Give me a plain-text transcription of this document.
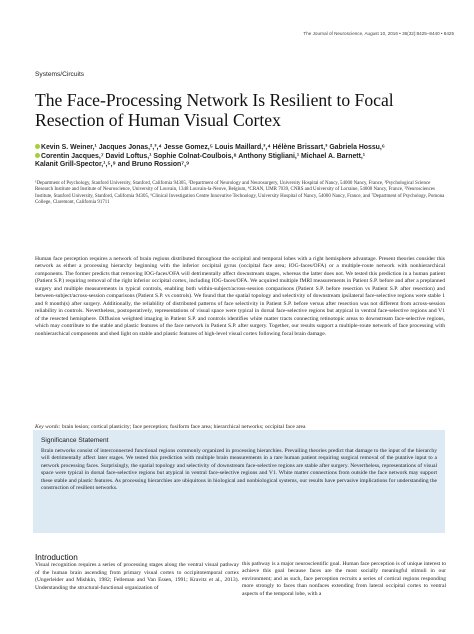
The Journal of Neuroscience, August 10, 2016 • 36(32):8425–8440 • 8425
Systems/Circuits
The Face-Processing Network Is Resilient to Focal Resection of Human Visual Cortex
Kevin S. Weiner,¹ Jacques Jonas,²,³,⁴ Jesse Gomez,⁵ Louis Maillard,³,⁴ Hélène Brissart,³ Gabriela Hossu,⁶
Corentin Jacques,⁷ David Loftus,¹ Sophie Colnat-Coulbois,⁸ Anthony Stigliani,¹ Michael A. Barnett,¹
Kalanit Grill-Spector,¹,⁵,⁹ and Bruno Rossion⁷,⁹
¹Department of Psychology, Stanford University, Stanford, California 94305, ²Department of Neurology and Neurosurgery, University Hospital of Nancy, 54000 Nancy, France, ³Psychological Science Research Institute and Institute of Neuroscience, University of Louvain, 1348 Louvain-la-Neuve, Belgium, ⁴CRAN, UMR 7039, CNRS and University of Lorraine, 54000 Nancy, France, ⁵Neurosciences Institute, Stanford University, Stanford, California 94305, ⁶Clinical Investigation Centre Innovative Technology, University Hospital of Nancy, 54000 Nancy, France, and ⁷Department of Psychology, Pomona College, Claremont, California 91711

Human face perception requires a network of brain regions distributed throughout the occipital and temporal lobes with a right hemisphere advantage. Present theories consider this network as either a processing hierarchy beginning with the inferior occipital gyrus (occipital face area; IOG-faces/OFA) or a multiple-route network with nonhierarchical components. The former predicts that removing IOG-faces/OFA will detrimentally affect downstream stages, whereas the latter does not. We tested this prediction in a human patient (Patient S.P.) requiring removal of the right inferior occipital cortex, including IOG-faces/OFA. We acquired multiple fMRI measurements in Patient S.P. before and after a preplanned surgery and multiple measurements in typical controls, enabling both within-subject/across-session comparisons (Patient S.P. before resection vs Patient S.P. after resection) and between-subject/across-session comparisons (Patient S.P. vs controls). We found that the spatial topology and selectivity of downstream ipsilateral face-selective regions were stable 1 and 8 month(s) after surgery. Additionally, the reliability of distributed patterns of face selectivity in Patient S.P. before versus after resection was not different from across-session reliability in controls. Nevertheless, postoperatively, representations of visual space were typical in dorsal face-selective regions but atypical in ventral face-selective regions and V1 of the resected hemisphere. Diffusion weighted imaging in Patient S.P. and controls identifies white matter tracts connecting retinotopic areas to downstream face-selective regions, which may contribute to the stable and plastic features of the face network in Patient S.P. after surgery. Together, our results support a multiple-route network of face processing with nonhierarchical components and shed light on stable and plastic features of high-level visual cortex following focal brain damage.

Key words: brain lesion; cortical plasticity; face perception; fusiform face area; hierarchical networks; occipital face area
Significance Statement
Brain networks consist of interconnected functional regions commonly organized in processing hierarchies. Prevailing theories predict that damage to the input of the hierarchy will detrimentally affect later stages. We tested this prediction with multiple brain measurements in a rare human patient requiring surgical removal of the putative input to a network processing faces. Surprisingly, the spatial topology and selectivity of downstream face-selective regions are stable after surgery. Nevertheless, representations of visual space were typical in dorsal face-selective regions but atypical in ventral face-selective regions and V1. White matter connections from outside the face network may support these stable and plastic features. As processing hierarchies are ubiquitous in biological and nonbiological systems, our results have pervasive implications for understanding the construction of resilient networks.
Introduction
Visual recognition requires a series of processing stages along the ventral visual pathway of the human brain ascending from primary visual cortex to occipitotemporal cortex (Ungerleider and Mishkin, 1982; Felleman and Van Essen, 1991; Kravitz et al., 2013). Understanding the structural-functional organization of
this pathway is a major neuroscientific goal. Human face perception is of unique interest to achieve this goal because faces are the most socially meaningful stimuli in our environment; and as such, face perception recruits a series of cortical regions responding more strongly to faces than nonfaces extending from lateral occipital cortex to ventral aspects of the temporal lobe, with a
